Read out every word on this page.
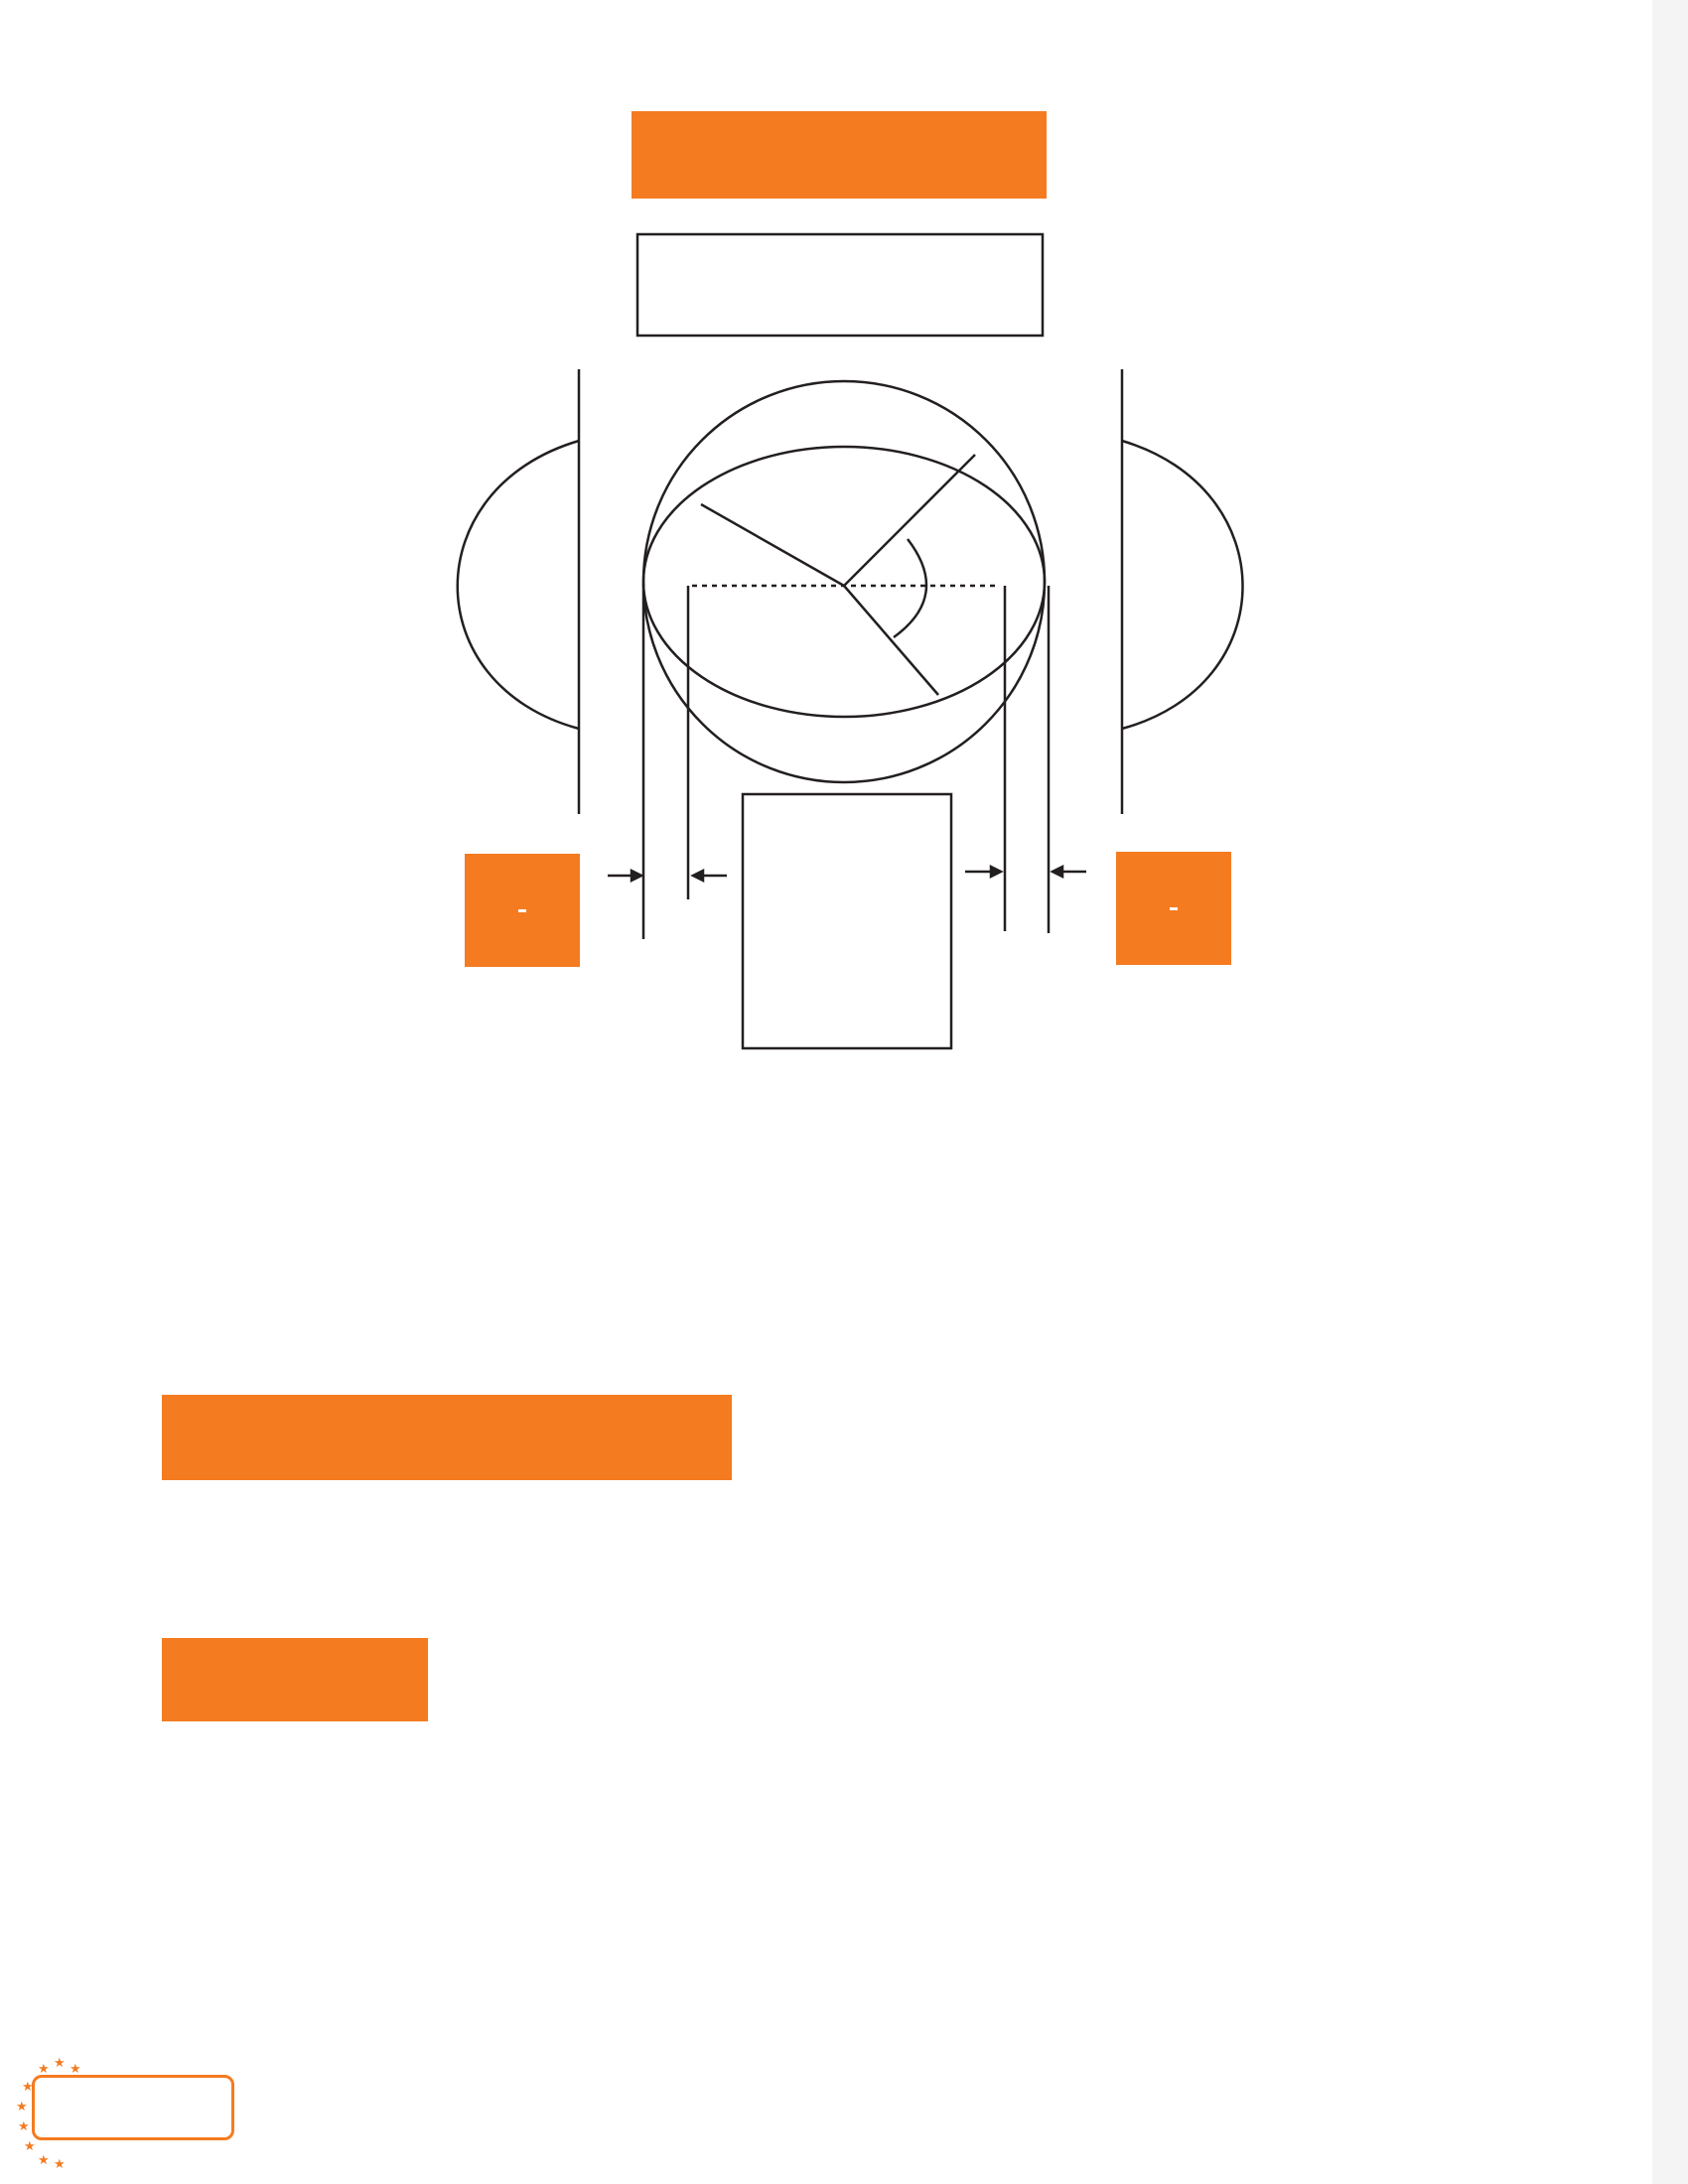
★ ★ ★
★
★
★
★
★ ★
